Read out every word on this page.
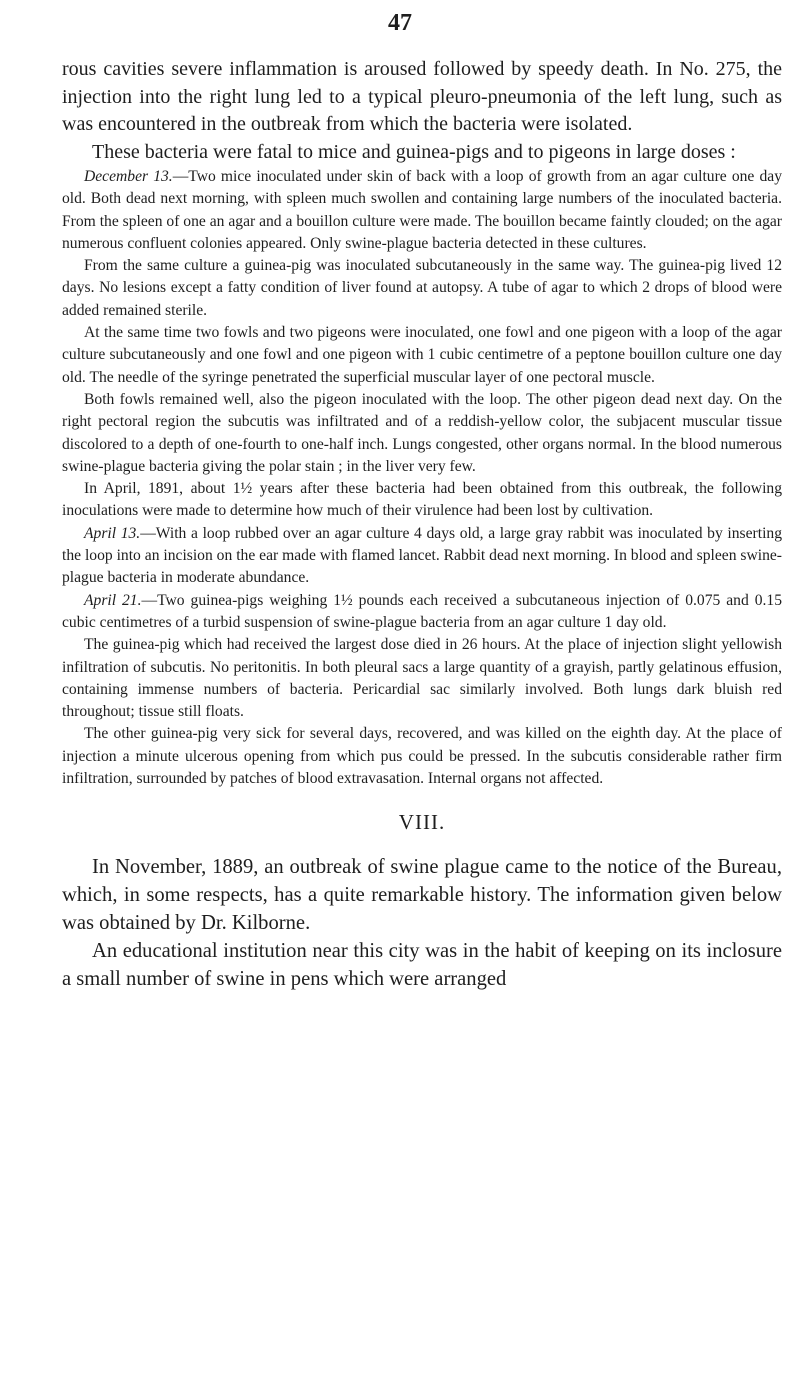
47

rous cavities severe inflammation is aroused followed by speedy death. In No. 275, the injection into the right lung led to a typical pleuro-pneumonia of the left lung, such as was encountered in the outbreak from which the bacteria were isolated.

These bacteria were fatal to mice and guinea-pigs and to pigeons in large doses :

December 13.—Two mice inoculated under skin of back with a loop of growth from an agar culture one day old. Both dead next morning, with spleen much swollen and containing large numbers of the inoculated bacteria. From the spleen of one an agar and a bouillon culture were made. The bouillon became faintly clouded; on the agar numerous confluent colonies appeared. Only swine-plague bacteria detected in these cultures.

From the same culture a guinea-pig was inoculated subcutaneously in the same way. The guinea-pig lived 12 days. No lesions except a fatty condition of liver found at autopsy. A tube of agar to which 2 drops of blood were added remained sterile.

At the same time two fowls and two pigeons were inoculated, one fowl and one pigeon with a loop of the agar culture subcutaneously and one fowl and one pigeon with 1 cubic centimetre of a peptone bouillon culture one day old. The needle of the syringe penetrated the superficial muscular layer of one pectoral muscle.

Both fowls remained well, also the pigeon inoculated with the loop. The other pigeon dead next day. On the right pectoral region the subcutis was infiltrated and of a reddish-yellow color, the subjacent muscular tissue discolored to a depth of one-fourth to one-half inch. Lungs congested, other organs normal. In the blood numerous swine-plague bacteria giving the polar stain ; in the liver very few.

In April, 1891, about 1½ years after these bacteria had been obtained from this outbreak, the following inoculations were made to determine how much of their virulence had been lost by cultivation.

April 13.—With a loop rubbed over an agar culture 4 days old, a large gray rabbit was inoculated by inserting the loop into an incision on the ear made with flamed lancet. Rabbit dead next morning. In blood and spleen swine-plague bacteria in moderate abundance.

April 21.—Two guinea-pigs weighing 1½ pounds each received a subcutaneous injection of 0.075 and 0.15 cubic centimetres of a turbid suspension of swine-plague bacteria from an agar culture 1 day old.

The guinea-pig which had received the largest dose died in 26 hours. At the place of injection slight yellowish infiltration of subcutis. No peritonitis. In both pleural sacs a large quantity of a grayish, partly gelatinous effusion, containing immense numbers of bacteria. Pericardial sac similarly involved. Both lungs dark bluish red throughout; tissue still floats.

The other guinea-pig very sick for several days, recovered, and was killed on the eighth day. At the place of injection a minute ulcerous opening from which pus could be pressed. In the subcutis considerable rather firm infiltration, surrounded by patches of blood extravasation. Internal organs not affected.

VIII.

In November, 1889, an outbreak of swine plague came to the notice of the Bureau, which, in some respects, has a quite remarkable history. The information given below was obtained by Dr. Kilborne.

An educational institution near this city was in the habit of keeping on its inclosure a small number of swine in pens which were arranged
